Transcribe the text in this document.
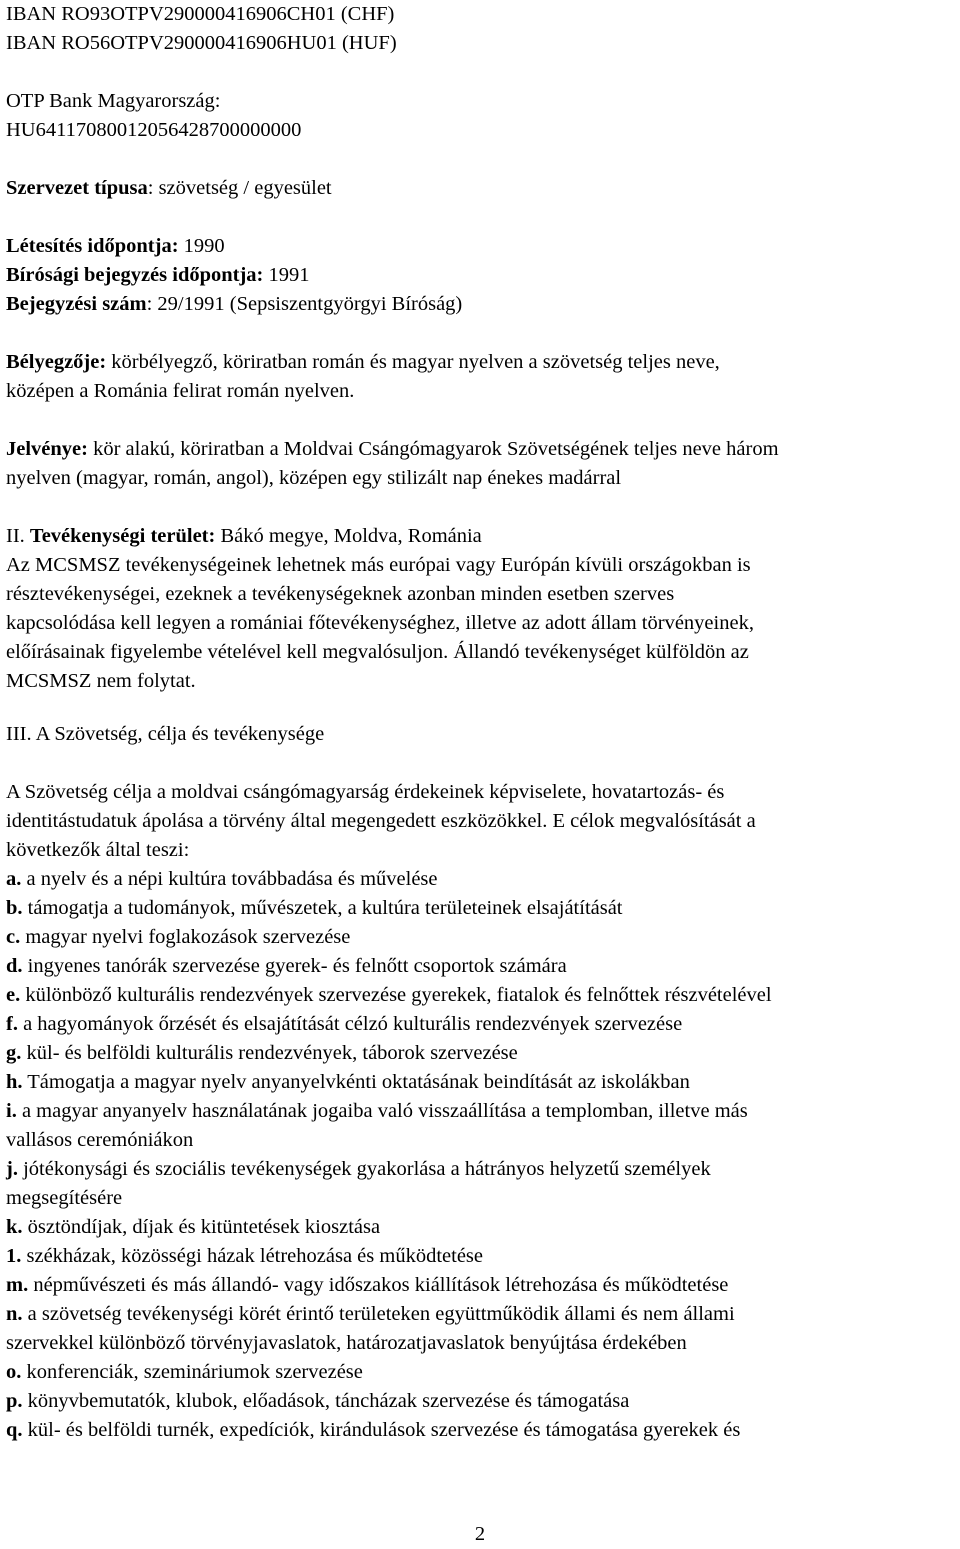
IBAN RO93OTPV290000416906CH01 (CHF)
IBAN RO56OTPV290000416906HU01 (HUF)
OTP Bank Magyarország:
HU64117080012056428700000000
Szervezet típusa: szövetség / egyesület
Létesítés időpontja: 1990
Bírósági bejegyzés időpontja: 1991
Bejegyzési szám: 29/1991 (Sepsiszentgyörgyi Bíróság)
Bélyegzője: körbélyegző, köriratban román és magyar nyelven a szövetség teljes neve,
középen a Románia felirat román nyelven.
Jelvénye: kör alakú, köriratban a Moldvai Csángómagyarok Szövetségének teljes neve három
nyelven (magyar, román, angol), középen egy stilizált nap énekes madárral
II. Tevékenységi terület: Bákó megye, Moldva, Románia
Az MCSMSZ tevékenységeinek lehetnek más európai vagy Európán kívüli országokban is
résztevékenységei, ezeknek a tevékenységeknek azonban minden esetben szerves
kapcsolódása kell legyen a romániai főtevékenységhez, illetve az adott állam törvényeinek,
előírásainak figyelembe vételével kell megvalósuljon. Állandó tevékenységet külföldön az
MCSMSZ nem folytat.
III. A Szövetség, célja és tevékenysége
A Szövetség célja a moldvai csángómagyarság érdekeinek képviselete, hovatartozás- és
identitástudatuk ápolása a törvény által megengedett eszközökkel. E célok megvalósítását a
következők által teszi:
a. a nyelv és a népi kultúra továbbadása és művelése
b. támogatja a tudományok, művészetek, a kultúra területeinek elsajátítását
c. magyar nyelvi foglakozások szervezése
d. ingyenes tanórák szervezése gyerek- és felnőtt csoportok számára
e. különböző kulturális rendezvények szervezése gyerekek, fiatalok és felnőttek részvételével
f. a hagyományok őrzését és elsajátítását célzó kulturális rendezvények szervezése
g. kül- és belföldi kulturális rendezvények, táborok szervezése
h. Támogatja a magyar nyelv anyanyelvkénti oktatásának beindítását az iskolákban
i. a magyar anyanyelv használatának jogaiba való visszaállítása a templomban, illetve más
vallásos ceremóniákon
j. jótékonysági és szociális tevékenységek gyakorlása a hátrányos helyzetű személyek
megsegítésére
k. ösztöndíjak, díjak és kitüntetések kiosztása
1. székházak, közösségi házak létrehozása és működtetése
m. népművészeti és más állandó- vagy időszakos kiállítások létrehozása és működtetése
n. a szövetség tevékenységi körét érintő területeken együttműködik állami és nem állami
szervekkel különböző törvényjavaslatok, határozatjavaslatok benyújtása érdekében
o. konferenciák, szemináriumok szervezése
p. könyvbemutatók, klubok, előadások, táncházak szervezése és támogatása
q. kül- és belföldi turnék, expedíciók, kirándulások szervezése és támogatása gyerekek és
2
